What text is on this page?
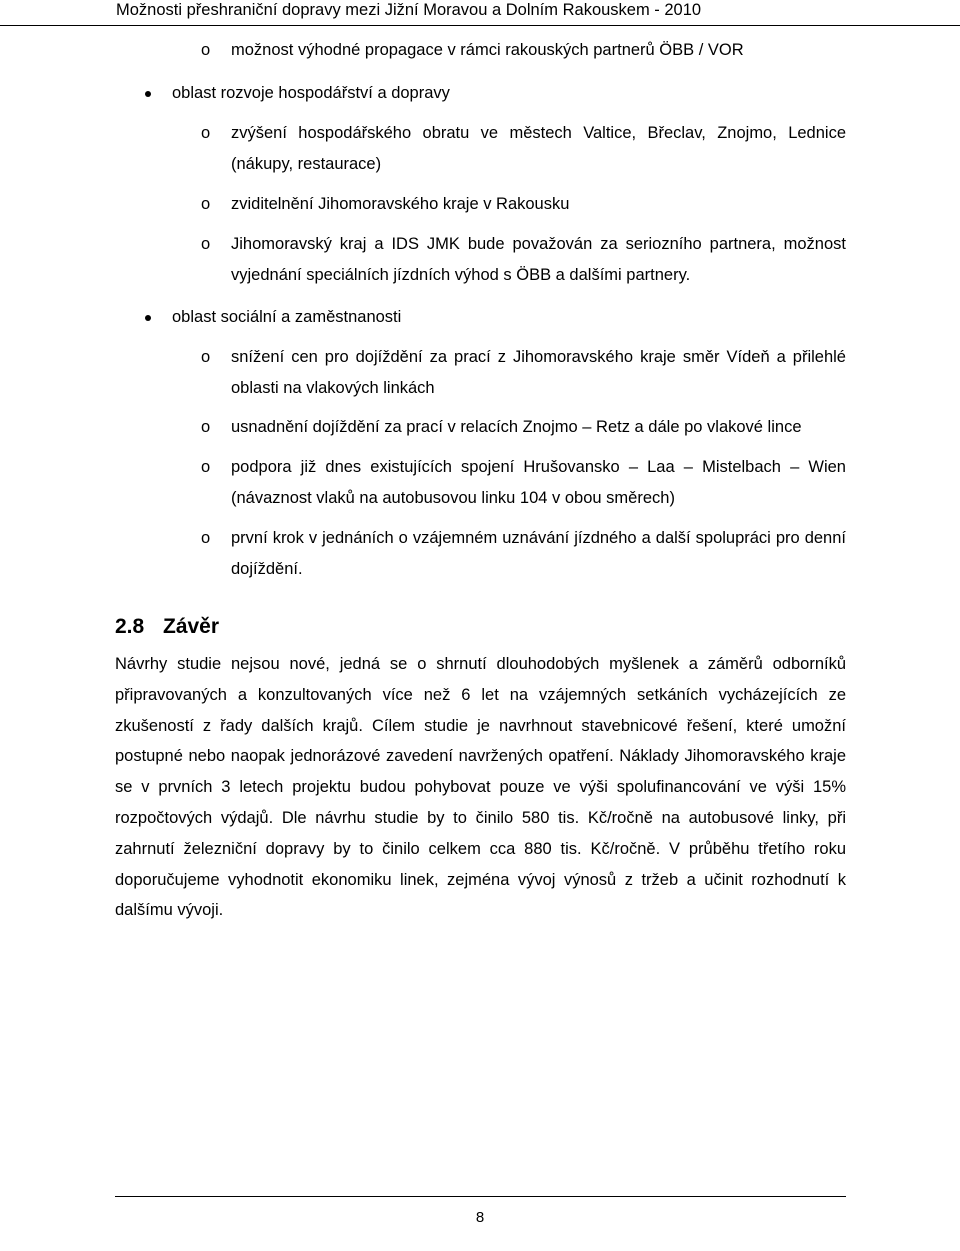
Možnosti přeshraniční dopravy mezi Jižní Moravou a Dolním Rakouskem - 2010
o možnost výhodné propagace v rámci rakouských partnerů ÖBB / VOR
oblast rozvoje hospodářství a dopravy
o zvýšení hospodářského obratu ve městech Valtice, Břeclav, Znojmo, Lednice (nákupy, restaurace)
o zviditelnění Jihomoravského kraje v Rakousku
o Jihomoravský kraj a IDS JMK bude považován za seriozního partnera, možnost vyjednání speciálních jízdních výhod s ÖBB a dalšími partnery.
oblast sociální a zaměstnanosti
o snížení cen pro dojíždění za prací z Jihomoravského kraje směr Vídeň a přilehlé oblasti na vlakových linkách
o usnadnění dojíždění za prací v relacích Znojmo – Retz a dále po vlakové lince
o podpora již dnes existujících spojení Hrušovansko – Laa – Mistelbach – Wien (návaznost vlaků na autobusovou linku 104 v obou směrech)
o první krok v jednáních o vzájemném uznávání jízdného a další spolupráci pro denní dojíždění.
2.8 Závěr
Návrhy studie nejsou nové, jedná se o shrnutí dlouhodobých myšlenek a záměrů odborníků připravovaných a konzultovaných více než 6 let na vzájemných setkáních vycházejících ze zkušeností z řady dalších krajů. Cílem studie je navrhnout stavebnicové řešení, které umožní postupné nebo naopak jednorázové zavedení navržených opatření. Náklady Jihomoravského kraje se v prvních 3 letech projektu budou pohybovat pouze ve výši spolufinancování ve výši 15% rozpočtových výdajů. Dle návrhu studie by to činilo 580 tis. Kč/ročně na autobusové linky, při zahrnutí železniční dopravy by to činilo celkem cca 880 tis. Kč/ročně. V průběhu třetího roku doporučujeme vyhodnotit ekonomiku linek, zejména vývoj výnosů z tržeb a učinit rozhodnutí k dalšímu vývoji.
8
